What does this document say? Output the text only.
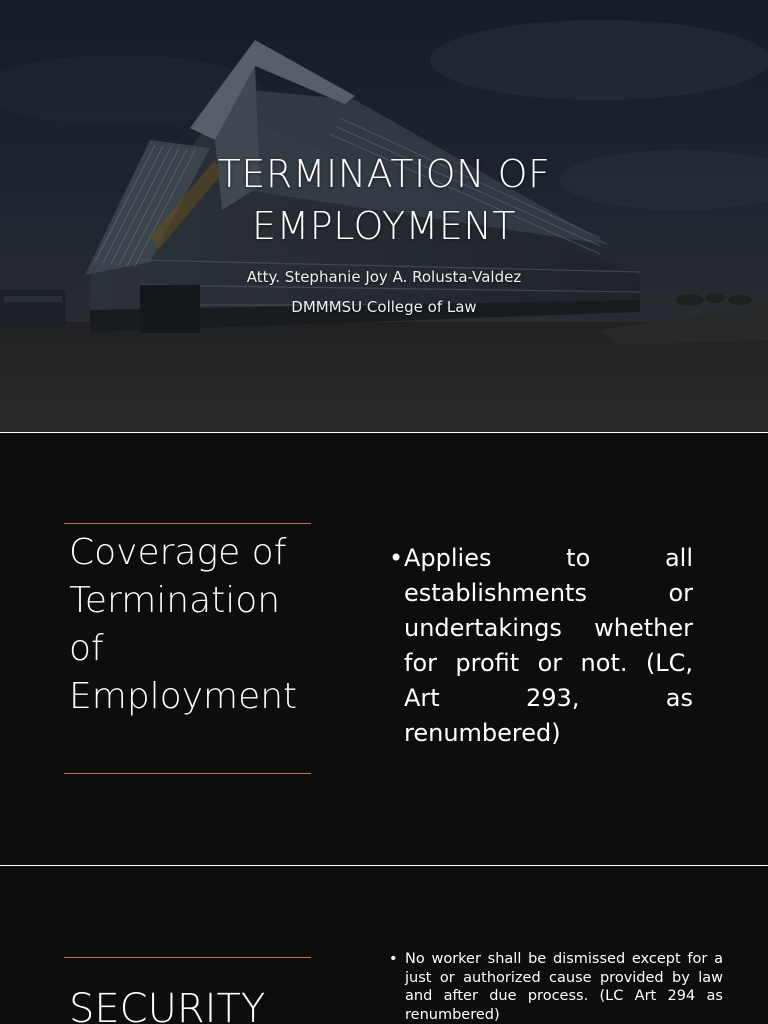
TERMINATION OF
EMPLOYMENT
Atty. Stephanie Joy A. Rolusta-Valdez
DMMMSU College of Law
Coverage of
Termination
of
Employment
• Applies to all establishments or undertakings whether for profit or not. (LC, Art 293, as renumbered)
SECURITY
• No worker shall be dismissed except for a just or authorized cause provided by law and after due process. (LC Art 294 as renumbered)
